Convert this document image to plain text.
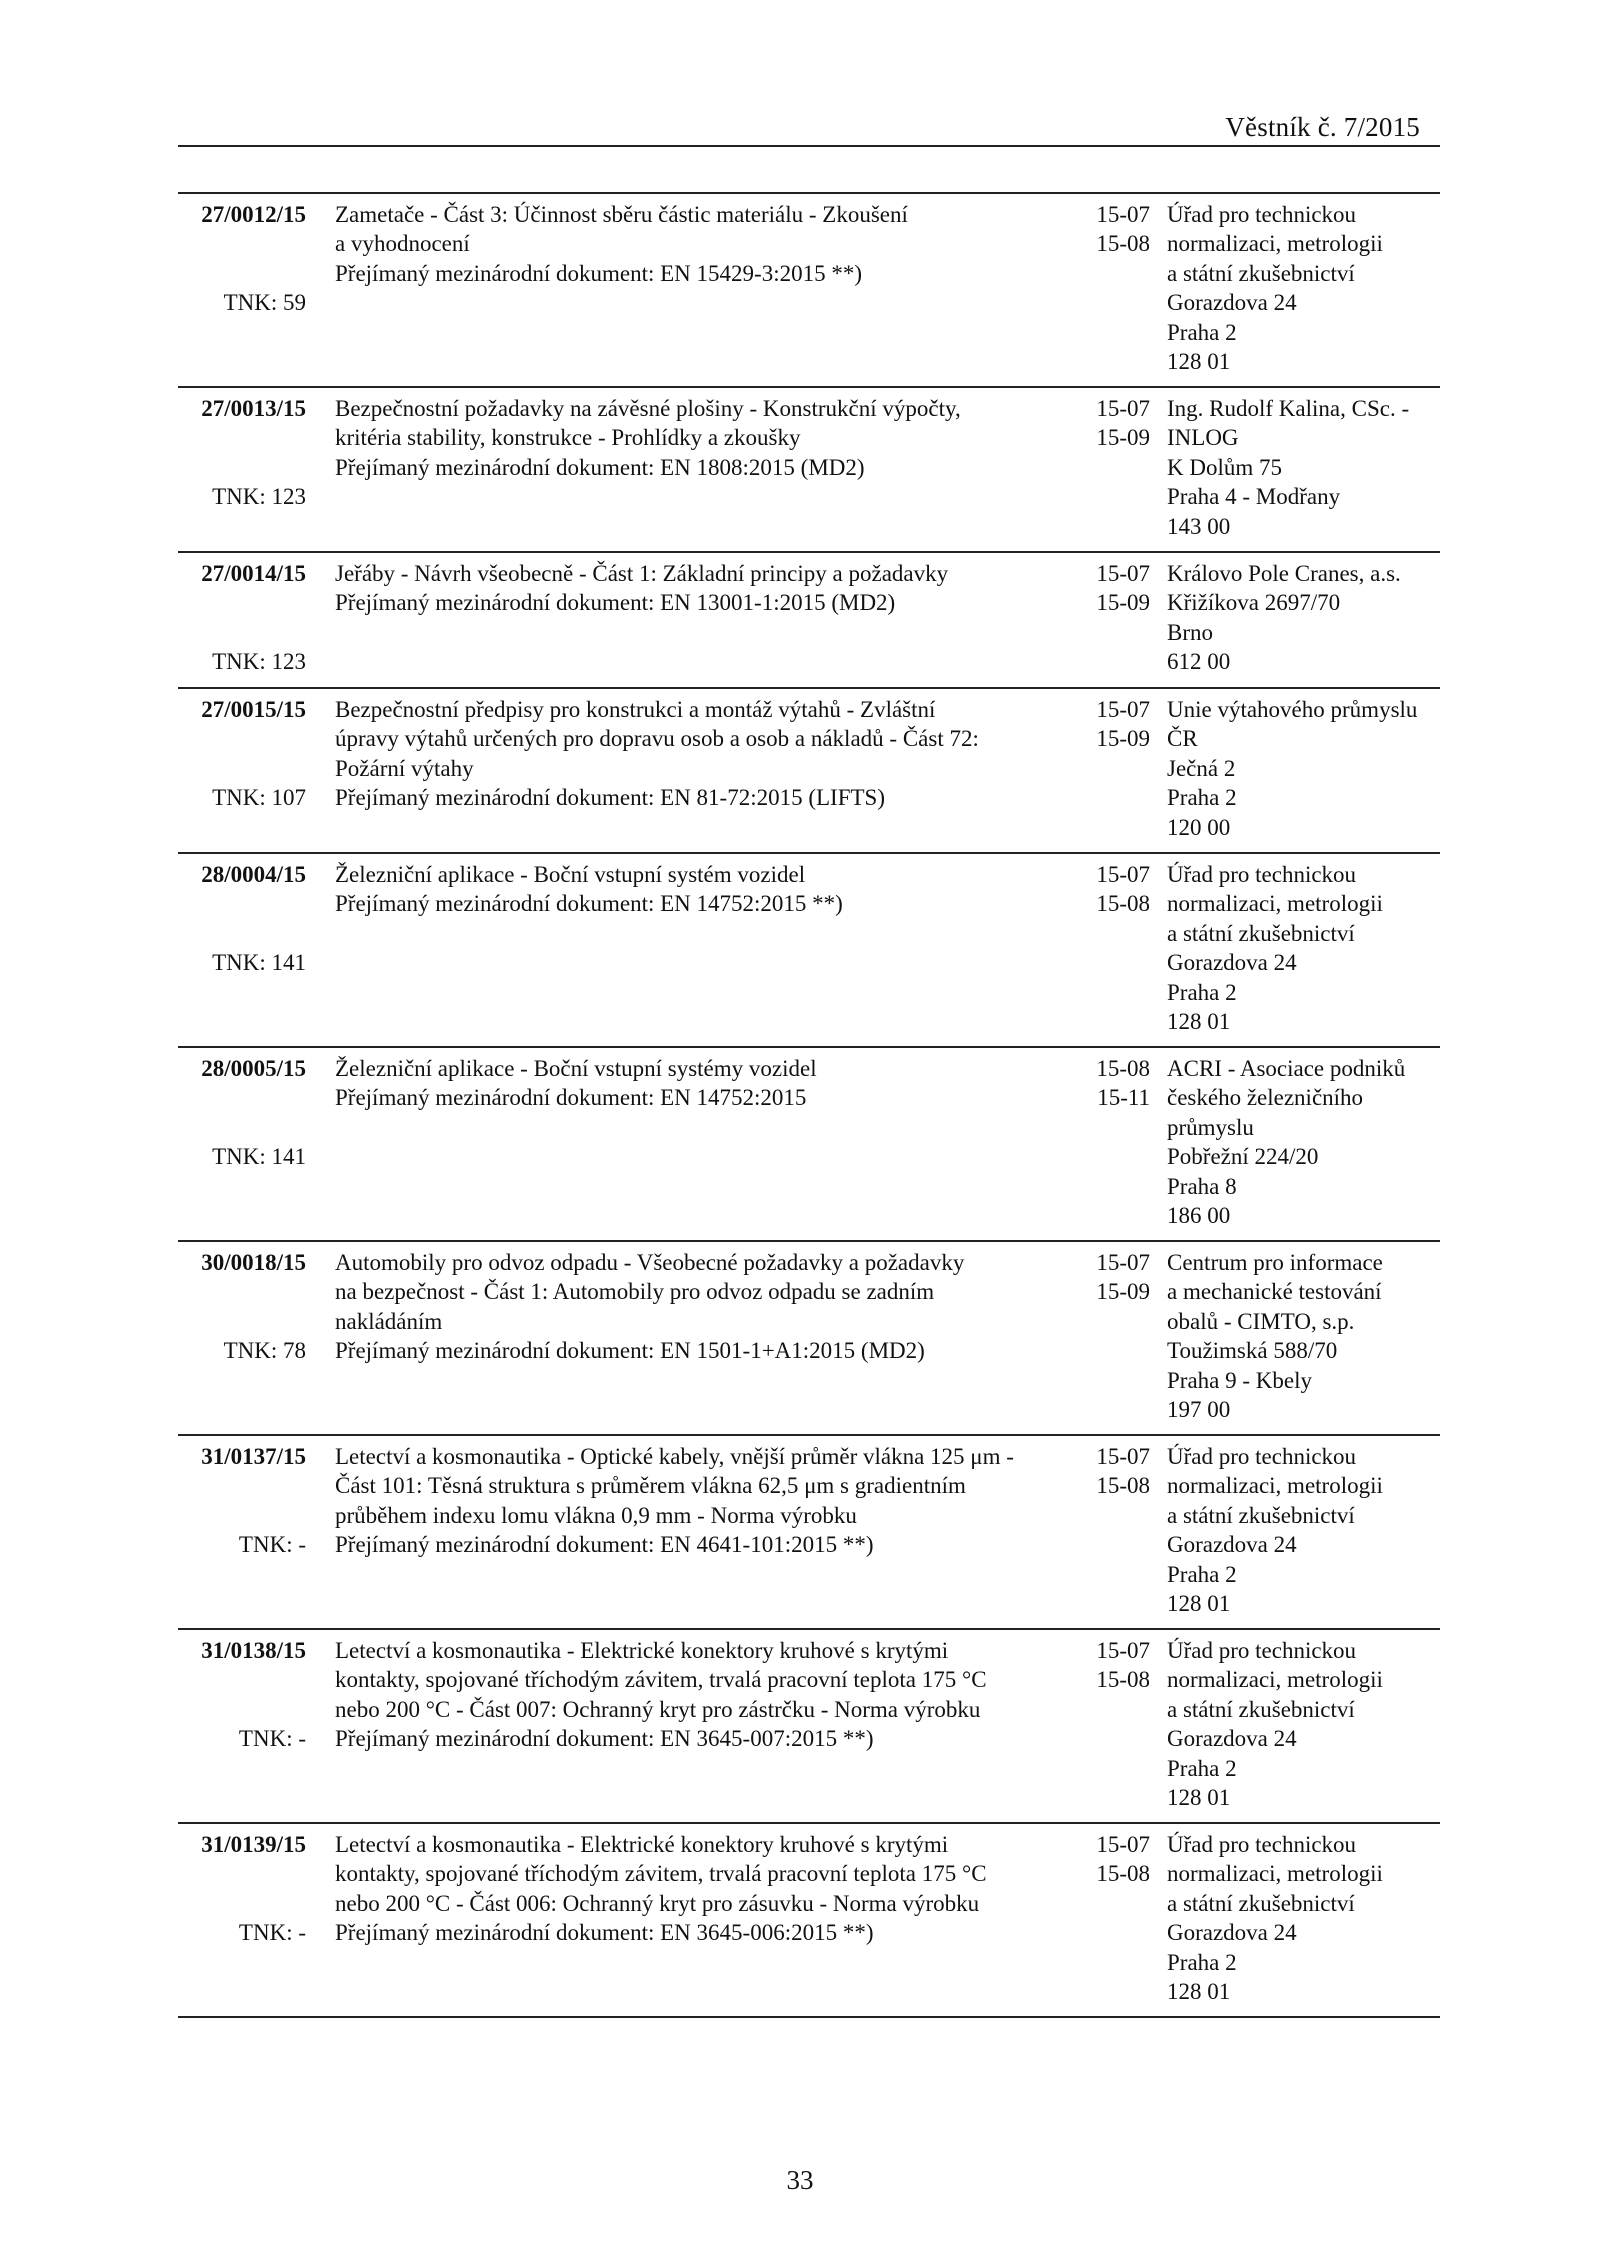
Věstník č. 7/2015
27/0012/15
TNK: 59
Zametače - Část 3: Účinnost sběru částic materiálu - Zkoušení
a vyhodnocení
Přejímaný mezinárodní dokument: EN 15429-3:2015 **)
15-07
15-08
Úřad pro technickou
normalizaci, metrologii
a státní zkušebnictví
Gorazdova 24
Praha 2
128 01
27/0013/15
TNK: 123
Bezpečnostní požadavky na závěsné plošiny - Konstrukční výpočty,
kritéria stability, konstrukce - Prohlídky a zkoušky
Přejímaný mezinárodní dokument: EN 1808:2015 (MD2)
15-07
15-09
Ing. Rudolf Kalina, CSc. -
INLOG
K Dolům 75
Praha 4 - Modřany
143 00
27/0014/15
TNK: 123
Jeřáby - Návrh všeobecně - Část 1: Základní principy a požadavky
Přejímaný mezinárodní dokument: EN 13001-1:2015 (MD2)
15-07
15-09
Královo Pole Cranes, a.s.
Křižíkova 2697/70
Brno
612 00
27/0015/15
TNK: 107
Bezpečnostní předpisy pro konstrukci a montáž výtahů - Zvláštní
úpravy výtahů určených pro dopravu osob a osob a nákladů - Část 72:
Požární výtahy
Přejímaný mezinárodní dokument: EN 81-72:2015 (LIFTS)
15-07
15-09
Unie výtahového průmyslu
ČR
Ječná 2
Praha 2
120 00
28/0004/15
TNK: 141
Železniční aplikace - Boční vstupní systém vozidel
Přejímaný mezinárodní dokument: EN 14752:2015 **)
15-07
15-08
Úřad pro technickou
normalizaci, metrologii
a státní zkušebnictví
Gorazdova 24
Praha 2
128 01
28/0005/15
TNK: 141
Železniční aplikace - Boční vstupní systémy vozidel
Přejímaný mezinárodní dokument: EN 14752:2015
15-08
15-11
ACRI - Asociace podniků
českého železničního
průmyslu
Pobřežní 224/20
Praha 8
186 00
30/0018/15
TNK: 78
Automobily pro odvoz odpadu - Všeobecné požadavky a požadavky
na bezpečnost - Část 1: Automobily pro odvoz odpadu se zadním
nakládáním
Přejímaný mezinárodní dokument: EN 1501-1+A1:2015 (MD2)
15-07
15-09
Centrum pro informace
a mechanické testování
obalů - CIMTO, s.p.
Toužimská 588/70
Praha 9 - Kbely
197 00
31/0137/15
TNK: -
Letectví a kosmonautika - Optické kabely, vnější průměr vlákna 125 μm -
Část 101: Těsná struktura s průměrem vlákna 62,5 μm s gradientním
průběhem indexu lomu vlákna 0,9 mm - Norma výrobku
Přejímaný mezinárodní dokument: EN 4641-101:2015 **)
15-07
15-08
Úřad pro technickou
normalizaci, metrologii
a státní zkušebnictví
Gorazdova 24
Praha 2
128 01
31/0138/15
TNK: -
Letectví a kosmonautika - Elektrické konektory kruhové s krytými
kontakty, spojované tříchodým závitem, trvalá pracovní teplota 175 °C
nebo 200 °C - Část 007: Ochranný kryt pro zástrčku - Norma výrobku
Přejímaný mezinárodní dokument: EN 3645-007:2015 **)
15-07
15-08
Úřad pro technickou
normalizaci, metrologii
a státní zkušebnictví
Gorazdova 24
Praha 2
128 01
31/0139/15
TNK: -
Letectví a kosmonautika - Elektrické konektory kruhové s krytými
kontakty, spojované tříchodým závitem, trvalá pracovní teplota 175 °C
nebo 200 °C - Část 006: Ochranný kryt pro zásuvku - Norma výrobku
Přejímaný mezinárodní dokument: EN 3645-006:2015 **)
15-07
15-08
Úřad pro technickou
normalizaci, metrologii
a státní zkušebnictví
Gorazdova 24
Praha 2
128 01
33
